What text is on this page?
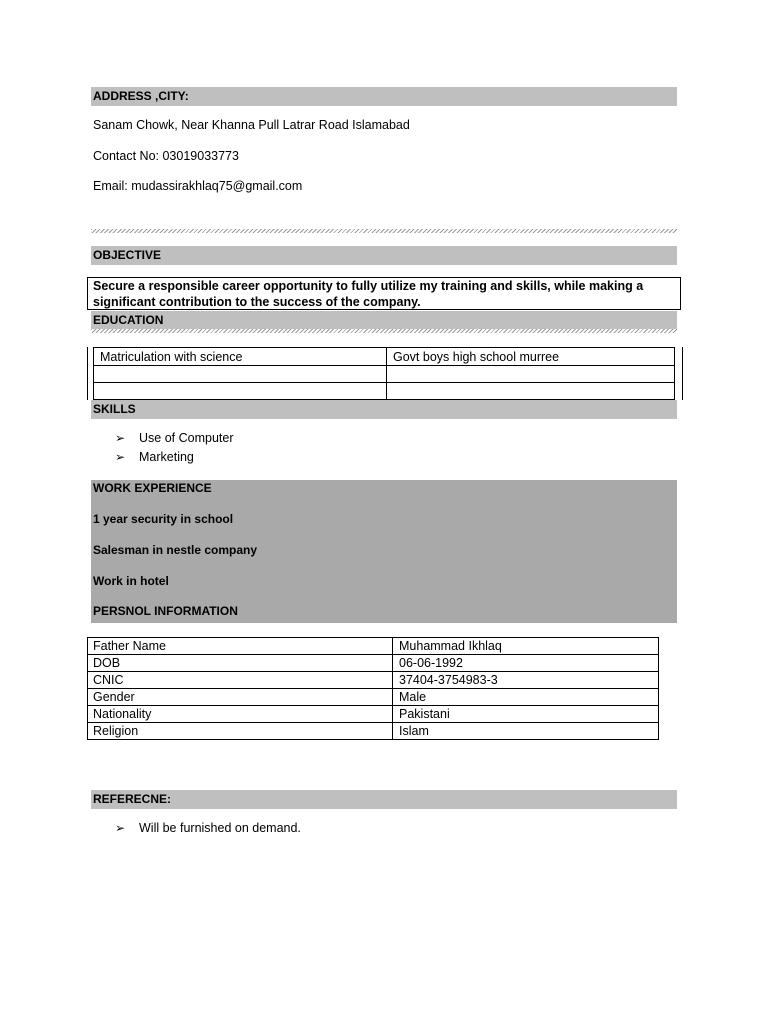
ADDRESS ,CITY:
Sanam Chowk, Near Khanna Pull Latrar Road Islamabad
Contact No: 03019033773
Email: mudassirakhlaq75@gmail.com
OBJECTIVE
Secure a responsible career opportunity to fully utilize my training and skills, while making a
significant contribution to the success of the company.
EDUCATION
Matriculation with science	Govt boys high school murree

SKILLS
➢ Use of Computer
➢ Marketing
WORK EXPERIENCE
1 year security in school
Salesman in nestle company
Work in hotel
PERSNOL INFORMATION
Father Name	Muhammad Ikhlaq
DOB	06-06-1992
CNIC	37404-3754983-3
Gender	Male
Nationality	Pakistani
Religion	Islam
REFERECNE:
➢ Will be furnished on demand.
